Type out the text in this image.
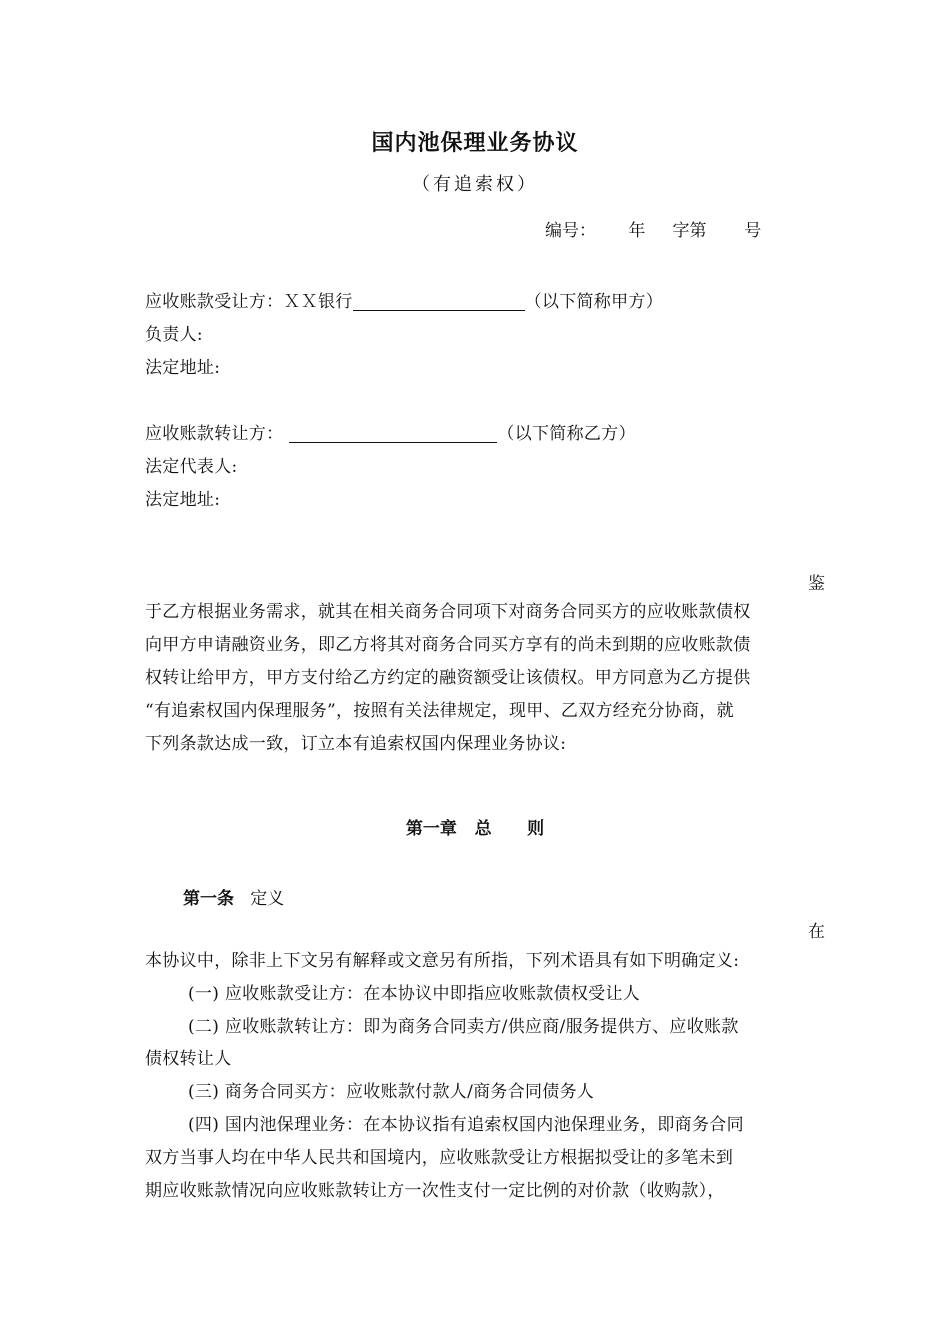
国内池保理业务协议
（有追索权）
编号：      年     字第       号
应收账款受让方：ＸＸ银行	（以下简称甲方）
负责人:
法定地址:
应收账款转让方：	（以下简称乙方）
法定代表人:
法定地址:
鉴
于乙方根据业务需求，就其在相关商务合同项下对商务合同买方的应收账款债权
向甲方申请融资业务，即乙方将其对商务合同买方享有的尚未到期的应收账款债
权转让给甲方，甲方支付给乙方约定的融资额受让该债权。甲方同意为乙方提供
“有追索权国内保理服务”，按照有关法律规定，现甲、乙双方经充分协商，就
下列条款达成一致，订立本有追索权国内保理业务协议:
第一章   总      则
第一条 定义
在
本协议中，除非上下文另有解释或文意另有所指，下列术语具有如下明确定义:
(一) 应收账款受让方：在本协议中即指应收账款债权受让人
(二) 应收账款转让方：即为商务合同卖方/供应商/服务提供方、应收账款
债权转让人
(三) 商务合同买方：应收账款付款人/商务合同债务人
(四) 国内池保理业务：在本协议指有追索权国内池保理业务，即商务合同
双方当事人均在中华人民共和国境内，应收账款受让方根据拟受让的多笔未到
期应收账款情况向应收账款转让方一次性支付一定比例的对价款（收购款），
